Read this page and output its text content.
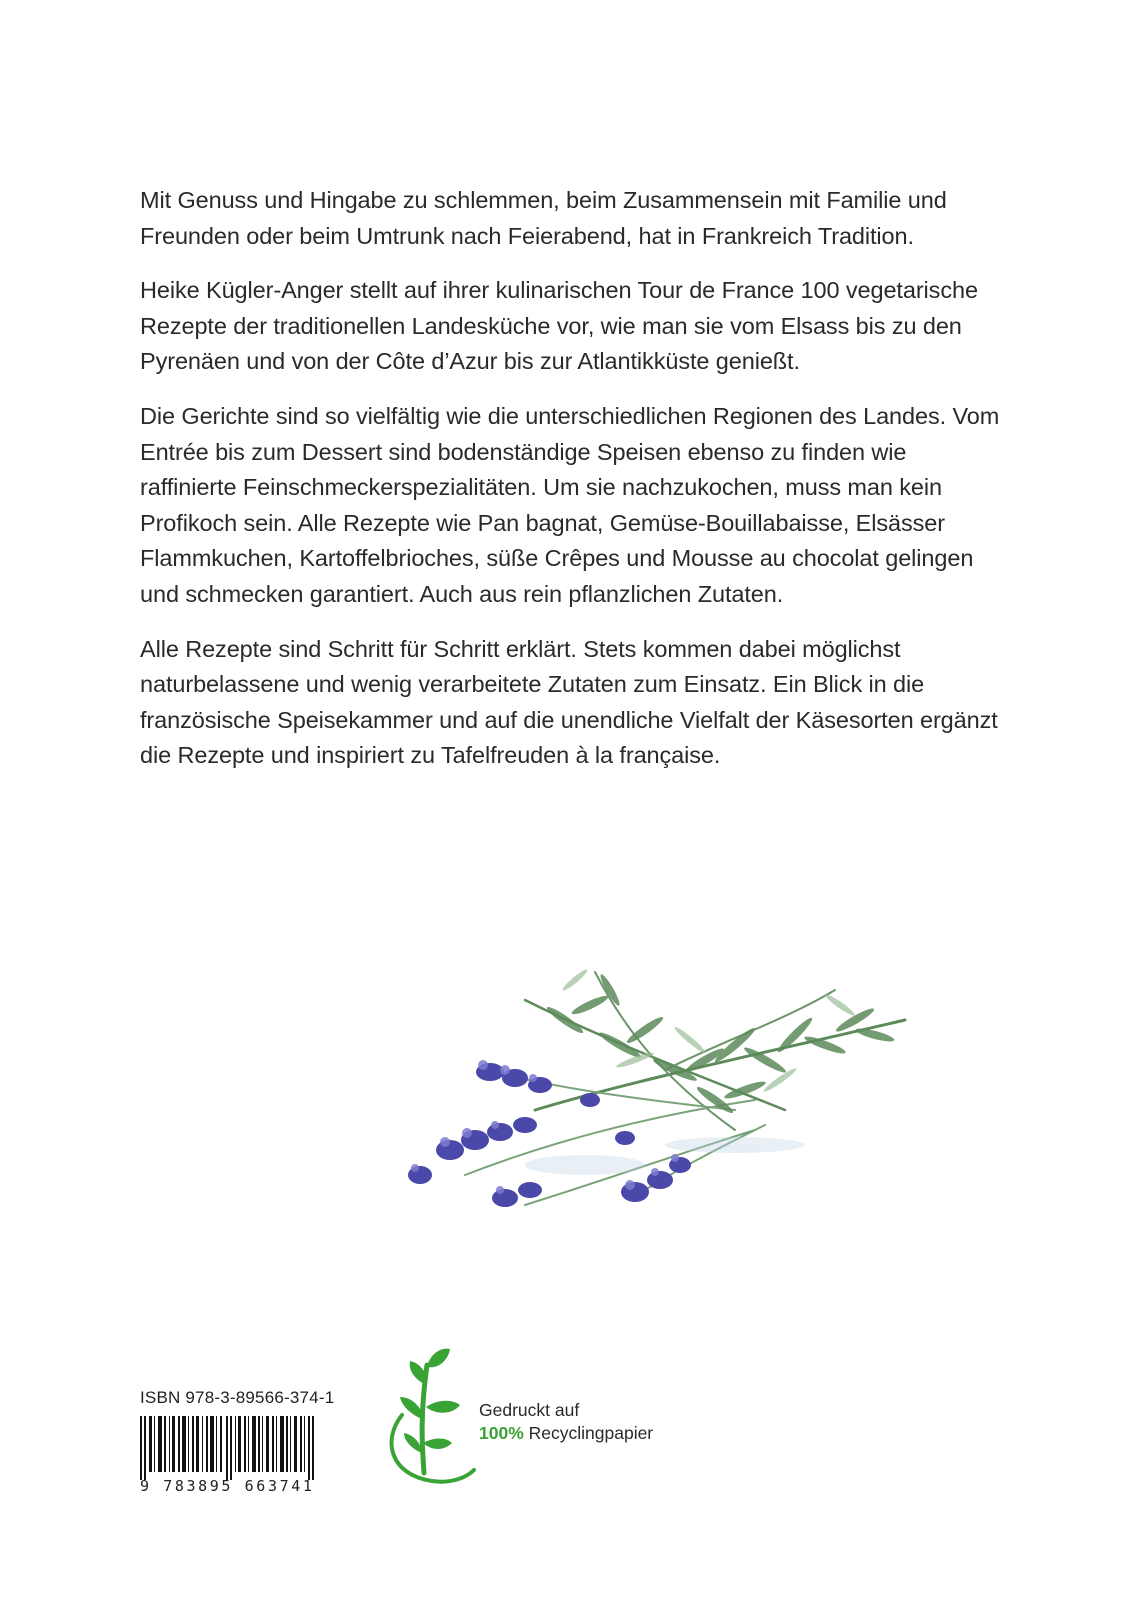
Mit Genuss und Hingabe zu schlemmen, beim Zusammensein mit Familie und Freunden oder beim Umtrunk nach Feierabend, hat in Frankreich Tradition.

Heike Kügler-Anger stellt auf ihrer kulinarischen Tour de France 100 vegetarische Rezepte der traditionellen Landesküche vor, wie man sie vom Elsass bis zu den Pyrenäen und von der Côte d’Azur bis zur Atlantikküste genießt.

Die Gerichte sind so vielfältig wie die unterschiedlichen Regionen des Landes. Vom Entrée bis zum Dessert sind bodenständige Speisen ebenso zu finden wie raffinierte Feinschmeckerspezialitäten. Um sie nachzukochen, muss man kein Profikoch sein. Alle Rezepte wie Pan bagnat, Gemüse-Bouillabaisse, Elsässer Flammkuchen, Kartoffelbrioches, süße Crêpes und Mousse au chocolat gelingen und schmecken garantiert. Auch aus rein pflanzlichen Zutaten.

Alle Rezepte sind Schritt für Schritt erklärt. Stets kommen dabei möglichst naturbelassene und wenig verarbeitete Zutaten zum Einsatz. Ein Blick in die französische Speisekammer und auf die unendliche Vielfalt der Käsesorten ergänzt die Rezepte und inspiriert zu Tafelfreuden à la française.

ISBN 978-3-89566-374-1
9 783895 663741
Gedruckt auf
100% Recyclingpapier
